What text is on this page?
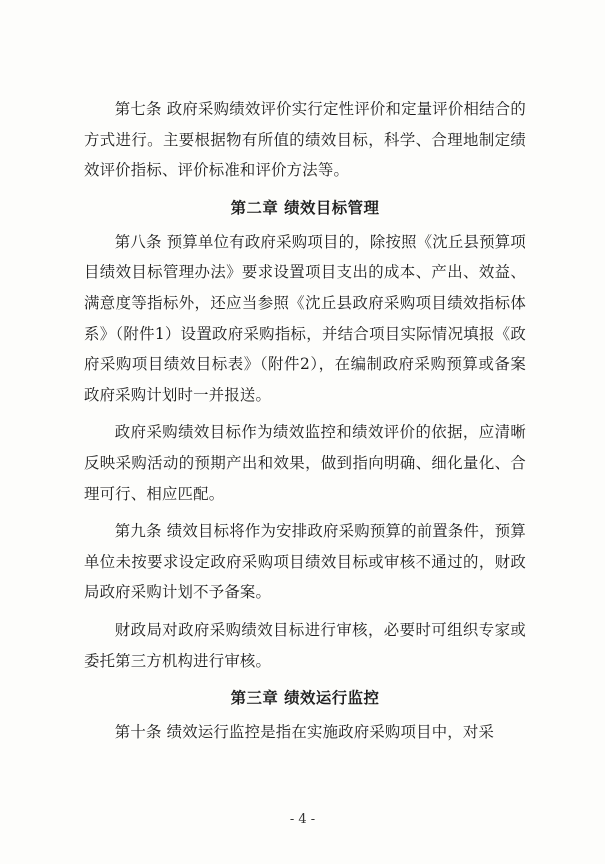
第七条 政府采购绩效评价实行定性评价和定量评价相结合的方式进行。主要根据物有所值的绩效目标，科学、合理地制定绩效评价指标、评价标准和评价方法等。

第二章 绩效目标管理

第八条 预算单位有政府采购项目的，除按照《沈丘县预算项目绩效目标管理办法》要求设置项目支出的成本、产出、效益、满意度等指标外，还应当参照《沈丘县政府采购项目绩效指标体系》（附件1）设置政府采购指标，并结合项目实际情况填报《政府采购项目绩效目标表》（附件2），在编制政府采购预算或备案政府采购计划时一并报送。

政府采购绩效目标作为绩效监控和绩效评价的依据，应清晰反映采购活动的预期产出和效果，做到指向明确、细化量化、合理可行、相应匹配。

第九条 绩效目标将作为安排政府采购预算的前置条件，预算单位未按要求设定政府采购项目绩效目标或审核不通过的，财政局政府采购计划不予备案。

财政局对政府采购绩效目标进行审核，必要时可组织专家或委托第三方机构进行审核。

第三章 绩效运行监控

第十条 绩效运行监控是指在实施政府采购项目中，对采

- 4 -
